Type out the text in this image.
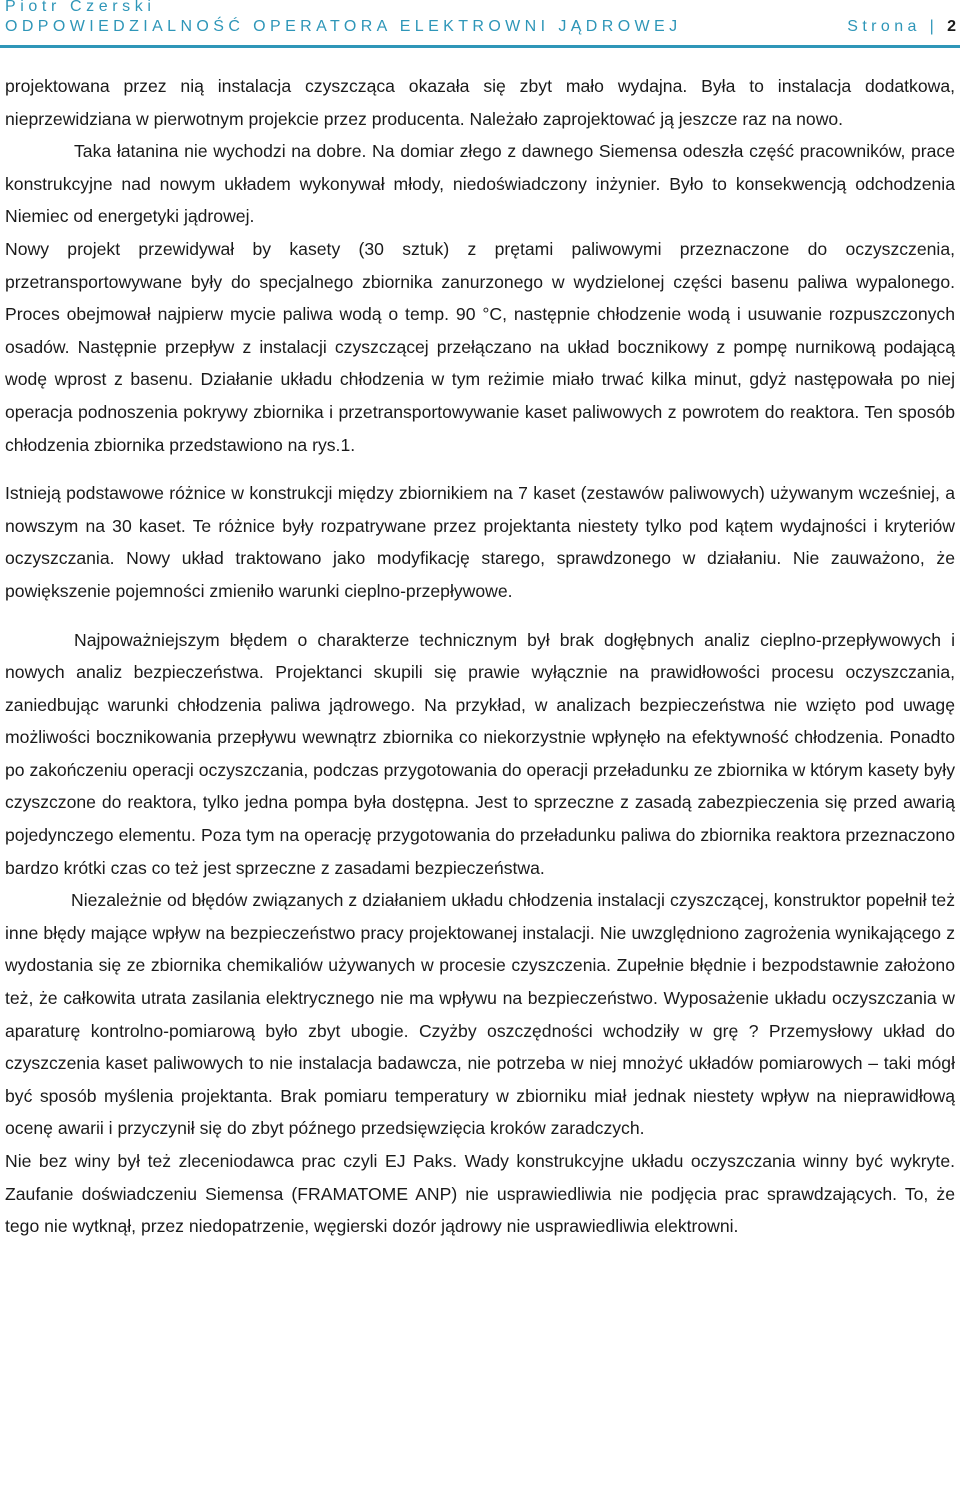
Piotr Czerski
ODPOWIEDZIALNOŚĆ OPERATORA ELEKTROWNI JĄDROWEJ	Strona | 2

projektowana przez nią instalacja czyszcząca okazała się zbyt mało wydajna. Była to instalacja dodatkowa, nieprzewidziana w pierwotnym projekcie przez producenta. Należało zaprojektować ją jeszcze raz na nowo.

Taka łatanina nie wychodzi na dobre. Na domiar złego z dawnego Siemensa odeszła część pracowników, prace konstrukcyjne nad nowym układem wykonywał młody, niedoświadczony inżynier. Było to konsekwencją odchodzenia Niemiec od energetyki jądrowej.

Nowy projekt przewidywał by kasety (30 sztuk) z prętami paliwowymi przeznaczone do oczyszczenia, przetransportowywane były do specjalnego zbiornika zanurzonego w wydzielonej części basenu paliwa wypalonego. Proces obejmował najpierw mycie paliwa wodą o temp. 90 °C, następnie chłodzenie wodą i usuwanie rozpuszczonych osadów. Następnie przepływ z instalacji czyszczącej przełączano na układ bocznikowy z pompę nurnikową podającą wodę wprost z basenu. Działanie układu chłodzenia w tym reżimie miało trwać kilka minut, gdyż następowała po niej operacja podnoszenia pokrywy zbiornika i przetransportowywanie kaset paliwowych z powrotem do reaktora. Ten sposób chłodzenia zbiornika przedstawiono na rys.1.

Istnieją podstawowe różnice w konstrukcji między zbiornikiem na 7 kaset (zestawów paliwowych) używanym wcześniej, a nowszym na 30 kaset. Te różnice były rozpatrywane przez projektanta niestety tylko pod kątem wydajności i kryteriów oczyszczania. Nowy układ traktowano jako modyfikację starego, sprawdzonego w działaniu. Nie zauważono, że powiększenie pojemności zmieniło warunki cieplno-przepływowe.

Najpoważniejszym błędem o charakterze technicznym był brak dogłębnych analiz cieplno-przepływowych i nowych analiz bezpieczeństwa. Projektanci skupili się prawie wyłącznie na prawidłowości procesu oczyszczania, zaniedbując warunki chłodzenia paliwa jądrowego. Na przykład, w analizach bezpieczeństwa nie wzięto pod uwagę możliwości bocznikowania przepływu wewnątrz zbiornika co niekorzystnie wpłynęło na efektywność chłodzenia. Ponadto po zakończeniu operacji oczyszczania, podczas przygotowania do operacji przeładunku ze zbiornika w którym kasety były czyszczone do reaktora, tylko jedna pompa była dostępna. Jest to sprzeczne z zasadą zabezpieczenia się przed awarią pojedynczego elementu. Poza tym na operację przygotowania do przeładunku paliwa do zbiornika reaktora przeznaczono bardzo krótki czas co też jest sprzeczne z zasadami bezpieczeństwa.

Niezależnie od błędów związanych z działaniem układu chłodzenia instalacji czyszczącej, konstruktor popełnił też inne błędy mające wpływ na bezpieczeństwo pracy projektowanej instalacji. Nie uwzględniono zagrożenia wynikającego z wydostania się ze zbiornika chemikaliów używanych w procesie czyszczenia. Zupełnie błędnie i bezpodstawnie założono też, że całkowita utrata zasilania elektrycznego nie ma wpływu na bezpieczeństwo. Wyposażenie układu oczyszczania w aparaturę kontrolno-pomiarową było zbyt ubogie. Czyżby oszczędności wchodziły w grę ? Przemysłowy układ do czyszczenia kaset paliwowych to nie instalacja badawcza, nie potrzeba w niej mnożyć układów pomiarowych – taki mógł być sposób myślenia projektanta. Brak pomiaru temperatury w zbiorniku miał jednak niestety wpływ na nieprawidłową ocenę awarii i przyczynił się do zbyt późnego przedsięwzięcia kroków zaradczych.

Nie bez winy był też zleceniodawca prac czyli EJ Paks. Wady konstrukcyjne układu oczyszczania winny być wykryte. Zaufanie doświadczeniu Siemensa (FRAMATOME ANP) nie usprawiedliwia nie podjęcia prac sprawdzających. To, że tego nie wytknął, przez niedopatrzenie, węgierski dozór jądrowy nie usprawiedliwia elektrowni.
